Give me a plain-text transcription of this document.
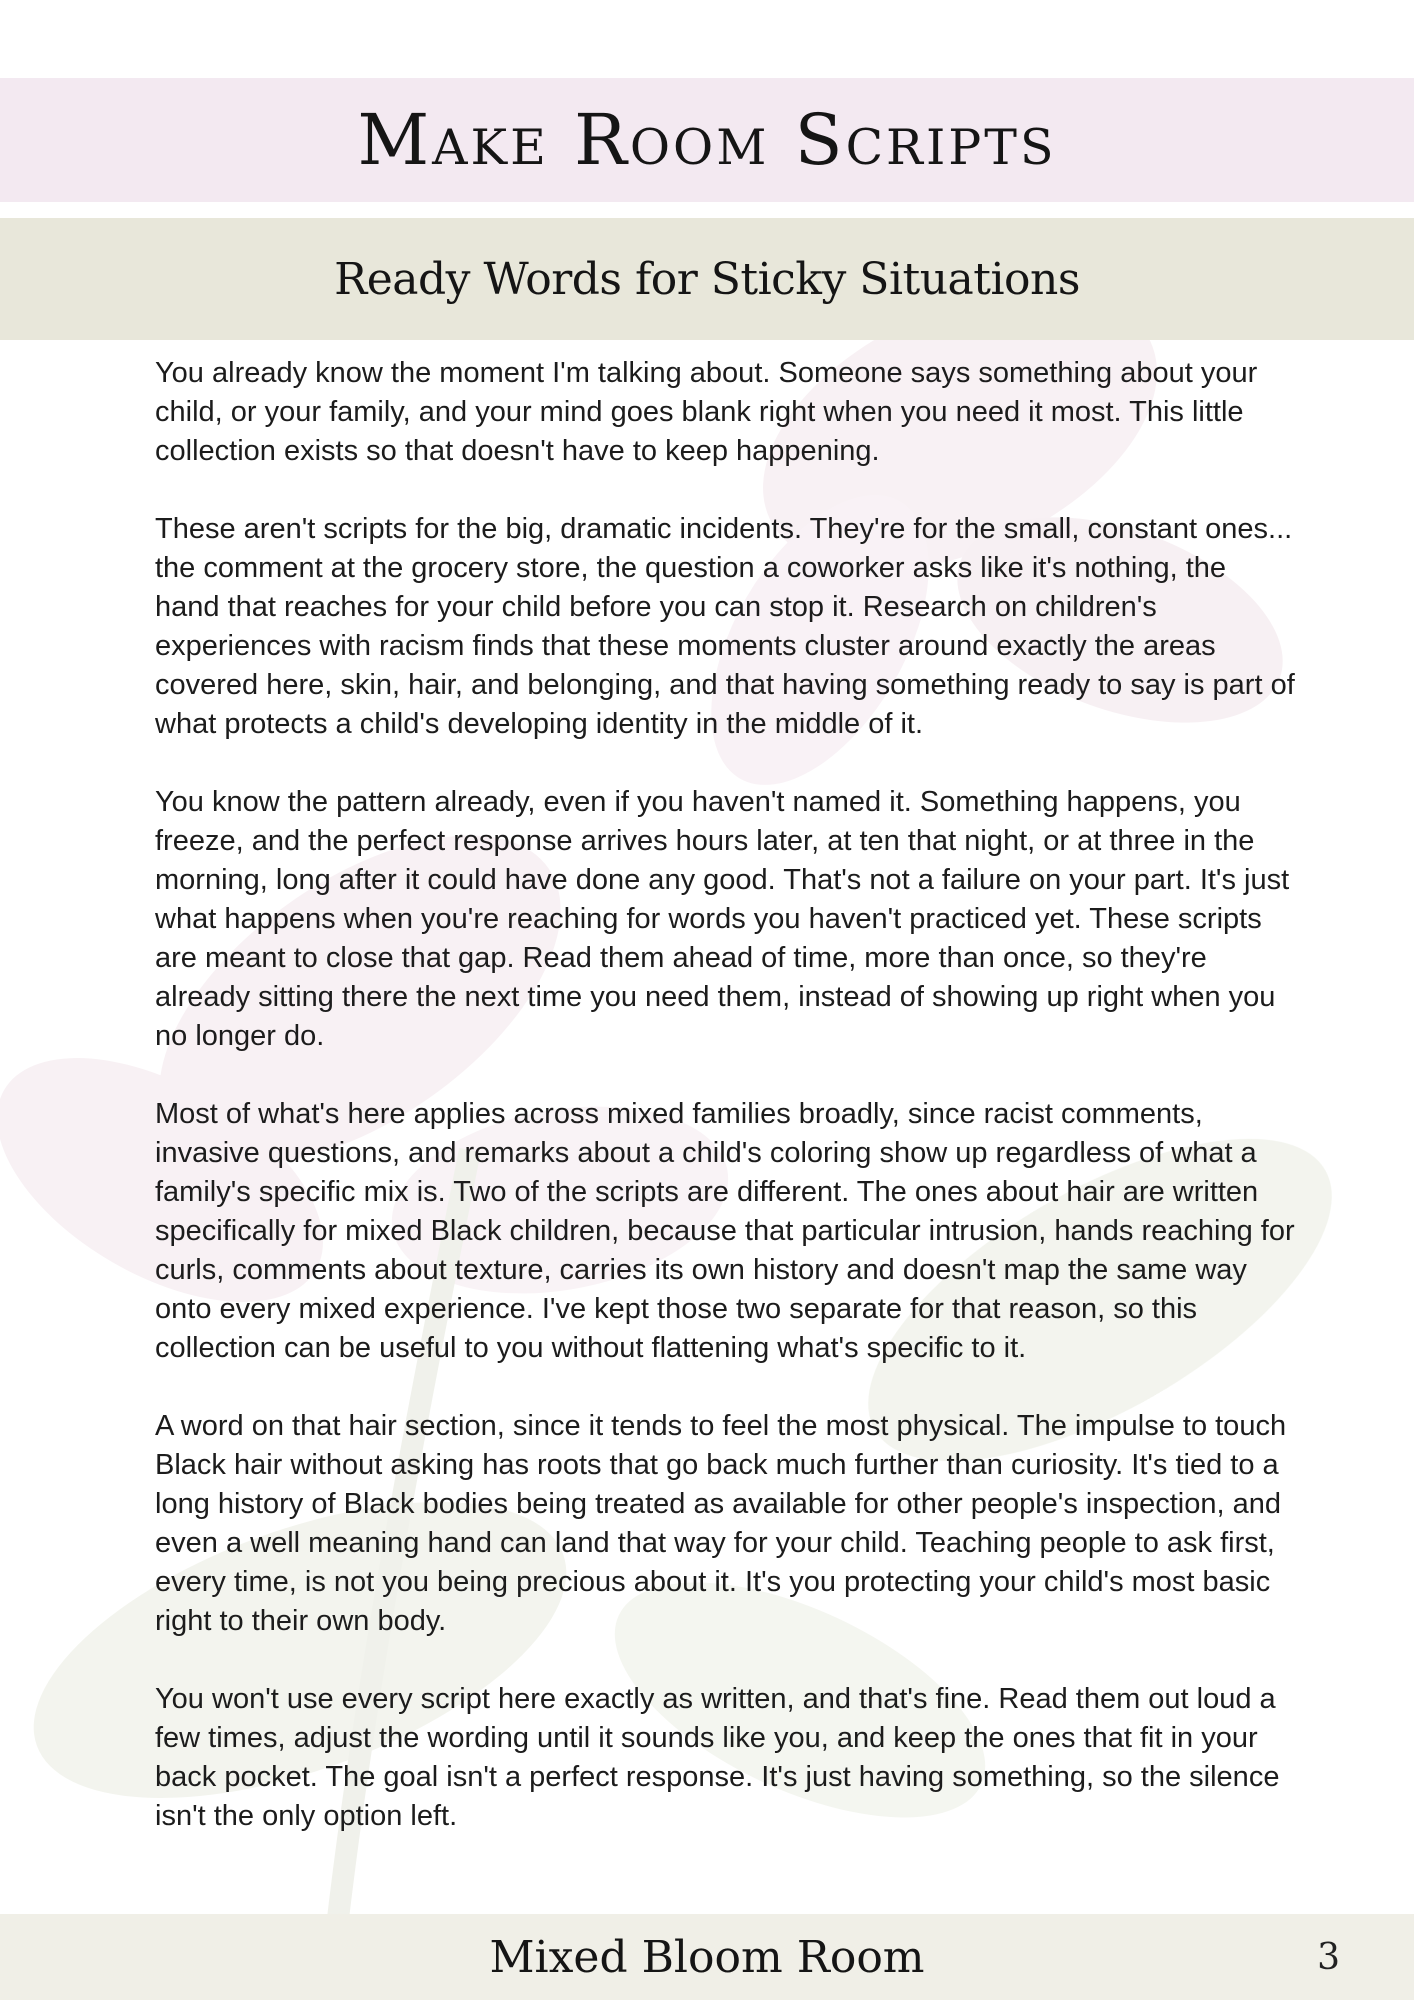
Make Room Scripts
Ready Words for Sticky Situations

You already know the moment I'm talking about. Someone says something about your child, or your family, and your mind goes blank right when you need it most. This little collection exists so that doesn't have to keep happening.

These aren't scripts for the big, dramatic incidents. They're for the small, constant ones... the comment at the grocery store, the question a coworker asks like it's nothing, the hand that reaches for your child before you can stop it. Research on children's experiences with racism finds that these moments cluster around exactly the areas covered here, skin, hair, and belonging, and that having something ready to say is part of what protects a child's developing identity in the middle of it.

You know the pattern already, even if you haven't named it. Something happens, you freeze, and the perfect response arrives hours later, at ten that night, or at three in the morning, long after it could have done any good. That's not a failure on your part. It's just what happens when you're reaching for words you haven't practiced yet. These scripts are meant to close that gap. Read them ahead of time, more than once, so they're already sitting there the next time you need them, instead of showing up right when you no longer do.

Most of what's here applies across mixed families broadly, since racist comments, invasive questions, and remarks about a child's coloring show up regardless of what a family's specific mix is. Two of the scripts are different. The ones about hair are written specifically for mixed Black children, because that particular intrusion, hands reaching for curls, comments about texture, carries its own history and doesn't map the same way onto every mixed experience. I've kept those two separate for that reason, so this collection can be useful to you without flattening what's specific to it.

A word on that hair section, since it tends to feel the most physical. The impulse to touch Black hair without asking has roots that go back much further than curiosity. It's tied to a long history of Black bodies being treated as available for other people's inspection, and even a well meaning hand can land that way for your child. Teaching people to ask first, every time, is not you being precious about it. It's you protecting your child's most basic right to their own body.

You won't use every script here exactly as written, and that's fine. Read them out loud a few times, adjust the wording until it sounds like you, and keep the ones that fit in your back pocket. The goal isn't a perfect response. It's just having something, so the silence isn't the only option left.

Mixed Bloom Room	3
